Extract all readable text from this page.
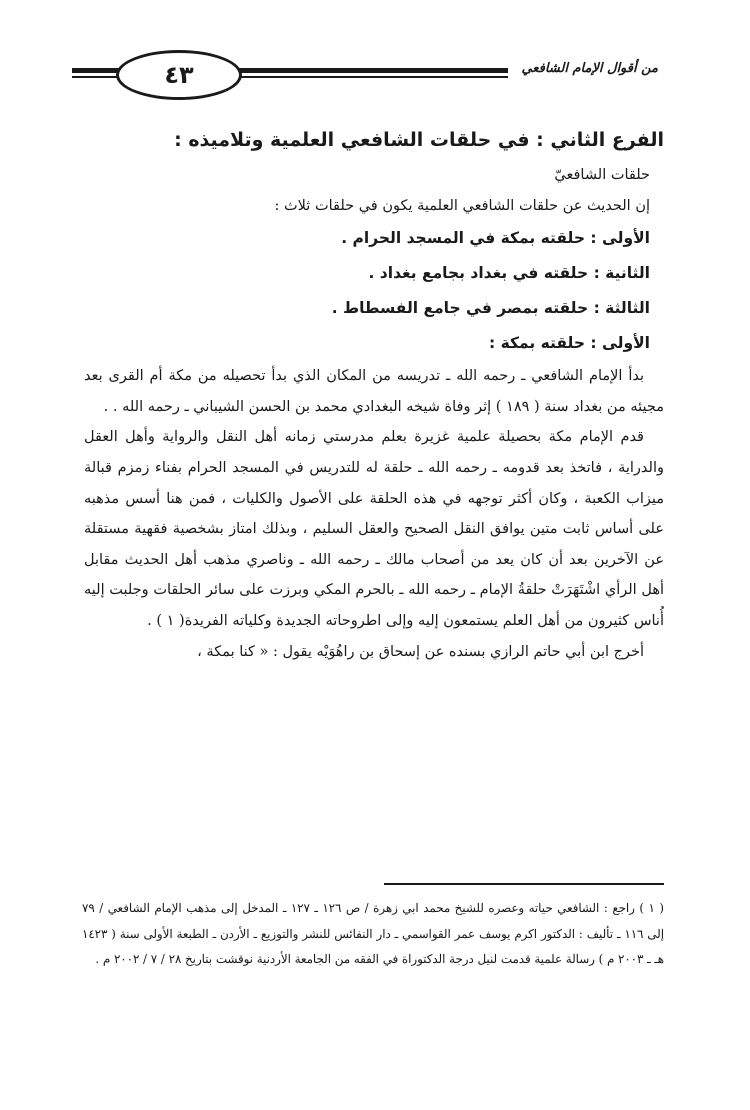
٤٣	من أقوال الإمام الشافعي

الفرع الثاني : في حلقات الشافعي العلمية وتلاميذه :

حلقات الشافعيّ

إن الحديث عن حلقات الشافعي العلمية يكون في حلقات ثلاث :

الأولى : حلقته بمكة في المسجد الحرام .

الثانية : حلقته في بغداد بجامع بغداد .

الثالثة : حلقته بمصر في جامع الفسطاط .

الأولى : حلقته بمكة :

بدأ الإمام الشافعي ـ رحمه الله ـ تدريسه من المكان الذي بدأ تحصيله من مكة أم القرى بعد مجيئه من بغداد سنة ( ١٨٩ ) إثر وفاة شيخه البغدادي محمد بن الحسن الشيباني ـ رحمه الله . .

قدم الإمام مكة بحصيلة علمية غزيرة بعلم مدرستي زمانه أهل النقل والرواية وأهل العقل والدراية ، فاتخذ بعد قدومه ـ رحمه الله ـ حلقة له للتدريس في المسجد الحرام بفناء زمزم قبالة ميزاب الكعبة ، وكان أكثر توجهه في هذه الحلقة على الأصول والكليات ، فمن هنا أسس مذهبه على أساس ثابت متين يوافق النقل الصحيح والعقل السليم ، وبذلك امتاز بشخصية فقهية مستقلة عن الآخرين بعد أن كان يعد من أصحاب مالك ـ رحمه الله ـ وناصري مذهب أهل الحديث مقابل أهل الرأي اشْتَهَرَتْ حلقةُ الإمام ـ رحمه الله ـ بالحرم المكي وبرزت على سائر الحلقات وجلبت إليه أُناس كثيرون من أهل العلم يستمعون إليه وإلى اطروحاته الجديدة وكلياته الفريدة( ١ ) .

أخرج ابن أبي حاتم الرازي بسنده عن إسحاق بن راهُوَيْه يقول : « كنا بمكة ،

( ١ ) راجع : الشافعي حياته وعصره للشيخ محمد ابي زهرة / ص ١٢٦ ـ ١٢٧ ـ المدخل إلى مذهب الإمام الشافعي / ٧٩ إلى ١١٦ ـ تأليف : الدكتور اكرم يوسف عمر القواسمي ـ دار النفائس للنشر والتوزيع ـ الأردن ـ الطبعة الأولى سنة ( ١٤٢٣ هـ ـ ٢٠٠٣ م ) رسالة علمية قدمت لنيل درجة الدكتوراة في الفقه من الجامعة الأردنية نوقشت بتاريخ ٢٨ / ٧ / ٢٠٠٢ م .
